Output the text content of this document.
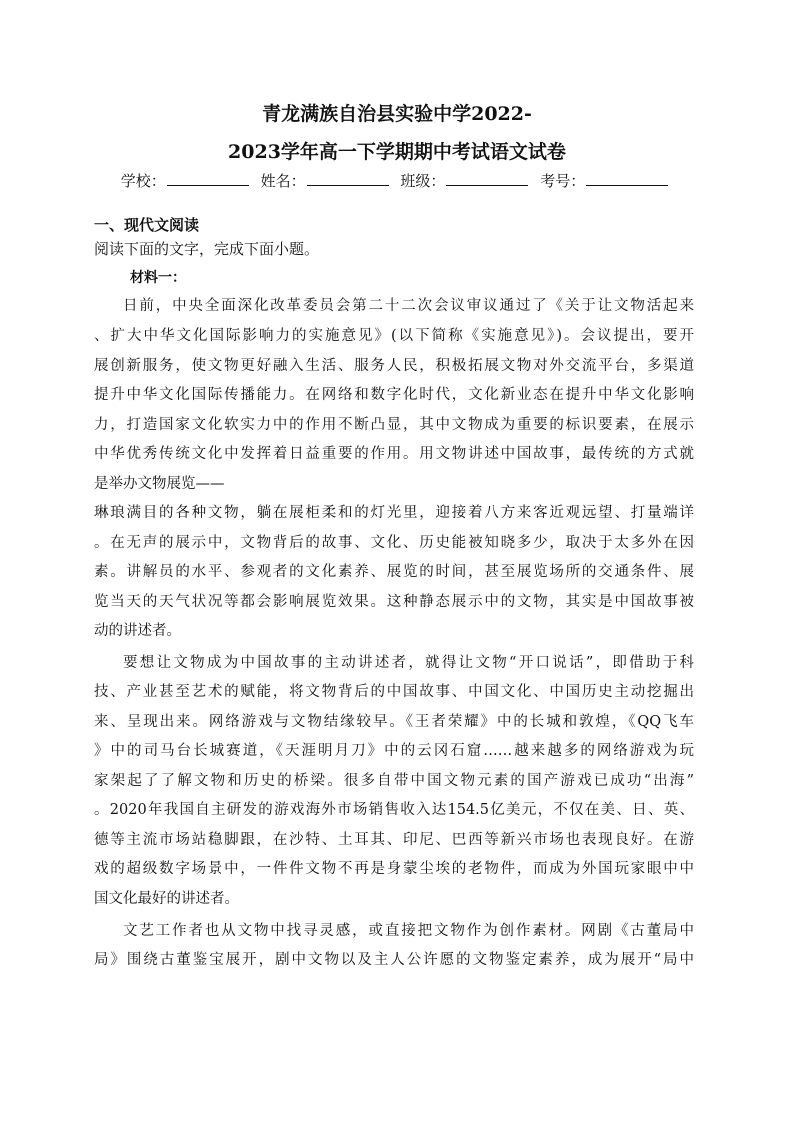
青龙满族自治县实验中学2022-
2023学年高一下学期期中考试语文试卷
学校：	姓名：	班级：	考号：
一、现代文阅读
阅读下面的文字，完成下面小题。
材料一：
日前，中央全面深化改革委员会第二十二次会议审议通过了《关于让文物活起来
、扩大中华文化国际影响力的实施意见》(以下简称《实施意见》)。会议提出，要开
展创新服务，使文物更好融入生活、服务人民，积极拓展文物对外交流平台，多渠道
提升中华文化国际传播能力。在网络和数字化时代，文化新业态在提升中华文化影响
力，打造国家文化软实力中的作用不断凸显，其中文物成为重要的标识要素，在展示
中华优秀传统文化中发挥着日益重要的作用。用文物讲述中国故事，最传统的方式就
是举办文物展览——
琳琅满目的各种文物，躺在展柜柔和的灯光里，迎接着八方来客近观远望、打量端详
。在无声的展示中，文物背后的故事、文化、历史能被知晓多少，取决于太多外在因
素。讲解员的水平、参观者的文化素养、展览的时间，甚至展览场所的交通条件、展
览当天的天气状况等都会影响展览效果。这种静态展示中的文物，其实是中国故事被
动的讲述者。
要想让文物成为中国故事的主动讲述者，就得让文物“开口说话”，即借助于科
技、产业甚至艺术的赋能，将文物背后的中国故事、中国文化、中国历史主动挖掘出
来、呈现出来。网络游戏与文物结缘较早。《王者荣耀》中的长城和敦煌，《QQ飞车
》中的司马台长城赛道，《天涯明月刀》中的云冈石窟……越来越多的网络游戏为玩
家架起了了解文物和历史的桥梁。很多自带中国文物元素的国产游戏已成功“出海”
。2020年我国自主研发的游戏海外市场销售收入达154.5亿美元，不仅在美、日、英、
德等主流市场站稳脚跟，在沙特、土耳其、印尼、巴西等新兴市场也表现良好。在游
戏的超级数字场景中，一件件文物不再是身蒙尘埃的老物件，而成为外国玩家眼中中
国文化最好的讲述者。
文艺工作者也从文物中找寻灵感，或直接把文物作为创作素材。网剧《古董局中
局》围绕古董鉴宝展开，剧中文物以及主人公许愿的文物鉴定素养，成为展开“局中
